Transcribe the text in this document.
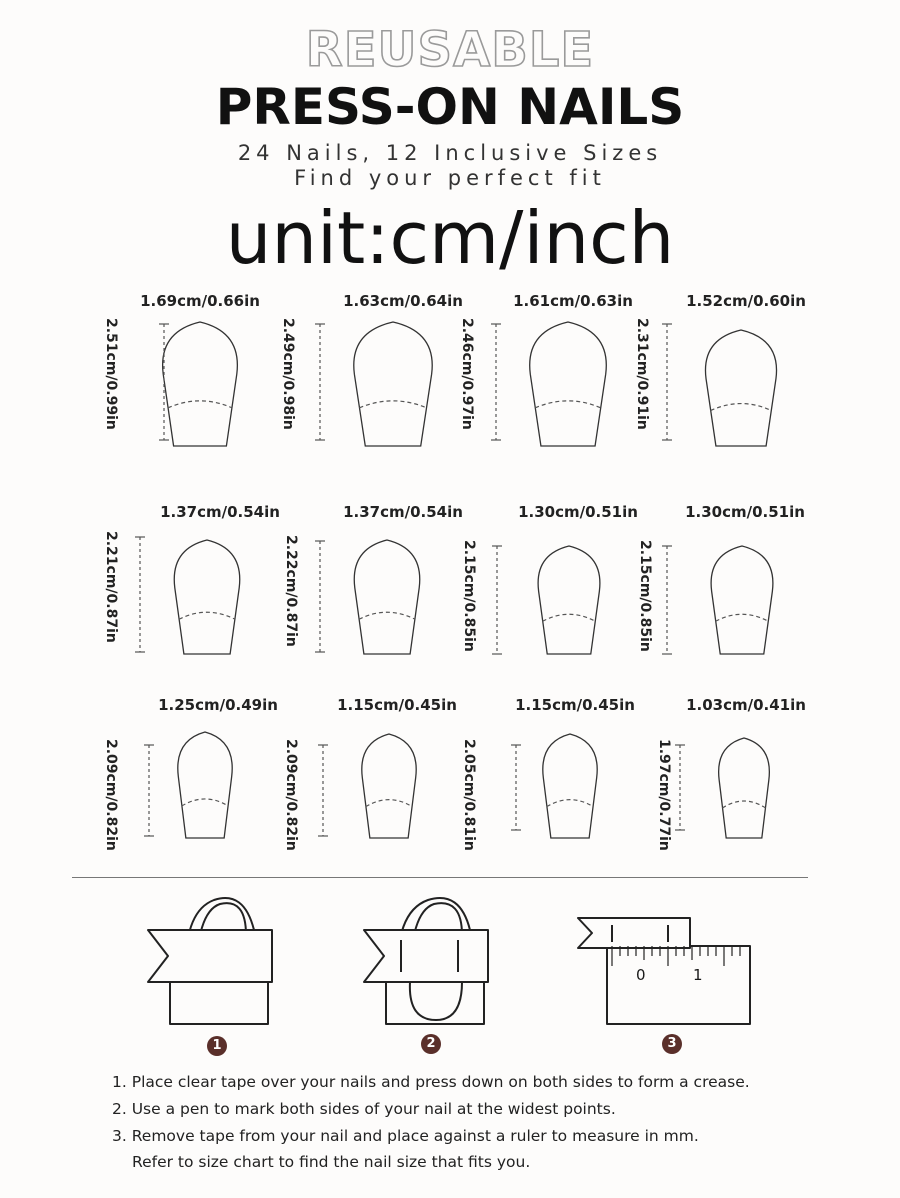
REUSABLE
PRESS-ON NAILS
24 Nails, 12 Inclusive Sizes
Find your perfect fit
unit:cm/inch
1.69cm/0.66in
2.51cm/0.99in
1.63cm/0.64in
2.49cm/0.98in
1.61cm/0.63in
2.46cm/0.97in
1.52cm/0.60in
2.31cm/0.91in
1.37cm/0.54in
2.21cm/0.87in
1.37cm/0.54in
2.22cm/0.87in
1.30cm/0.51in
2.15cm/0.85in
1.30cm/0.51in
2.15cm/0.85in
1.25cm/0.49in
2.09cm/0.82in
1.15cm/0.45in
2.09cm/0.82in
1.15cm/0.45in
2.05cm/0.81in
1.03cm/0.41in
1.97cm/0.77in
0	1
1	2	3
1. Place clear tape over your nails and press down on both sides to form a crease.
2. Use a pen to mark both sides of your nail at the widest points.
3. Remove tape from your nail and place against a ruler to measure in mm.
Refer to size chart to find the nail size that fits you.
